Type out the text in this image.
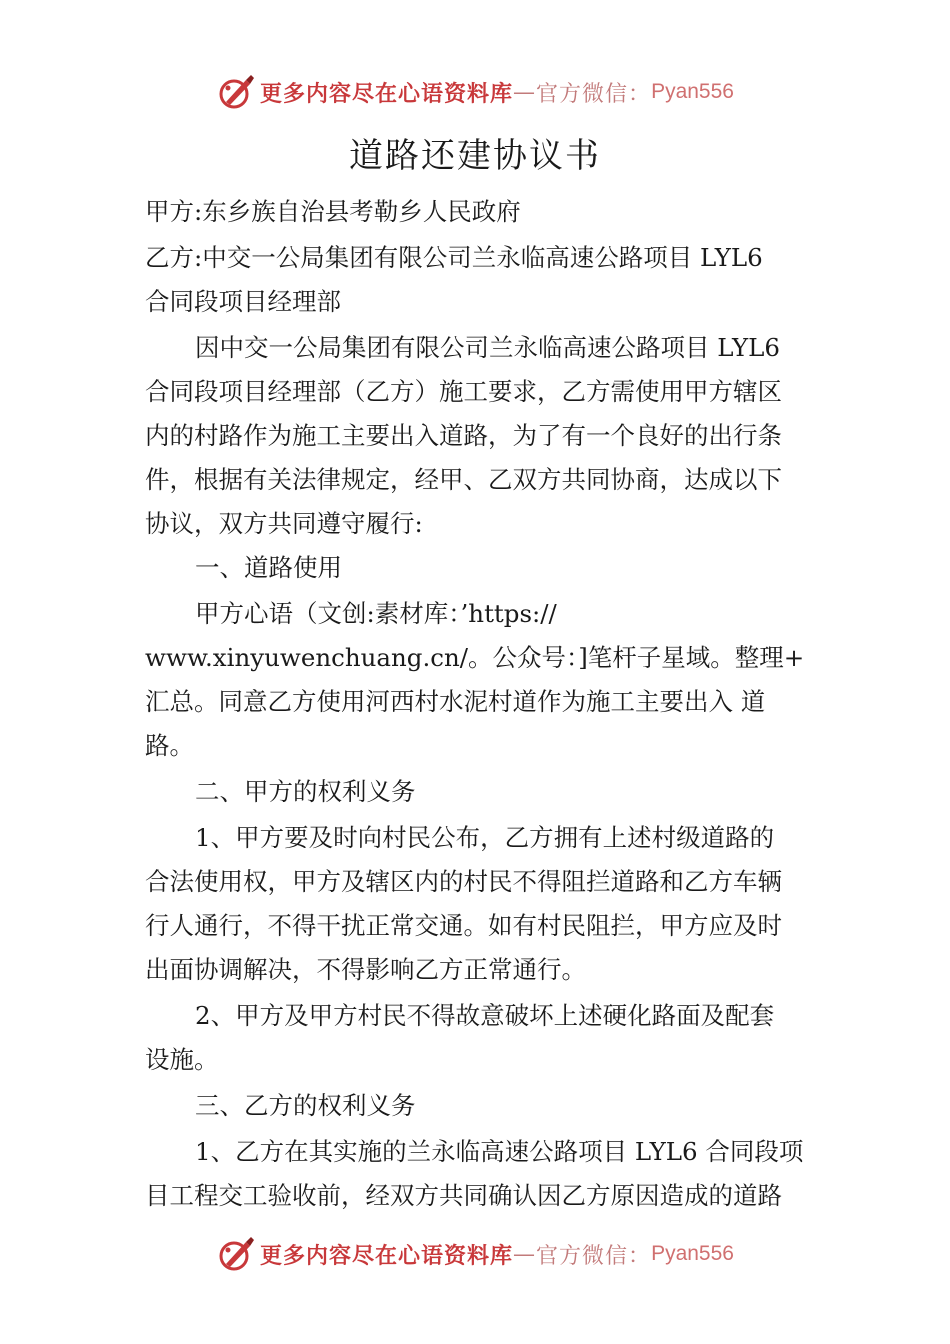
更多内容尽在心语资料库 — 官方微信： Pyan556
道路还建协议书
甲方:东乡族自治县考勒乡人民政府
乙方:中交一公局集团有限公司兰永临高速公路项目 LYL6
合同段项目经理部
因中交一公局集团有限公司兰永临高速公路项目 LYL6
合同段项目经理部（乙方）施工要求，乙方需使用甲方辖区
内的村路作为施工主要出入道路，为了有一个良好的出行条
件，根据有关法律规定，经甲、乙双方共同协商，达成以下
协议，双方共同遵守履行:
一、道路使用
甲方心语（文创:素材库：’https://
www.xinyuwenchuang.cn/。公众号：]笔杆子星域。整理+
汇总。同意乙方使用河西村水泥村道作为施工主要出入 道
路。
二、甲方的权利义务
1、甲方要及时向村民公布，乙方拥有上述村级道路的
合法使用权，甲方及辖区内的村民不得阻拦道路和乙方车辆
行人通行，不得干扰正常交通。如有村民阻拦，甲方应及时
出面协调解决，不得影响乙方正常通行。
2、甲方及甲方村民不得故意破坏上述硬化路面及配套
设施。
三、乙方的权利义务
1、乙方在其实施的兰永临高速公路项目 LYL6 合同段项
目工程交工验收前，经双方共同确认因乙方原因造成的道路
更多内容尽在心语资料库 — 官方微信： Pyan556
